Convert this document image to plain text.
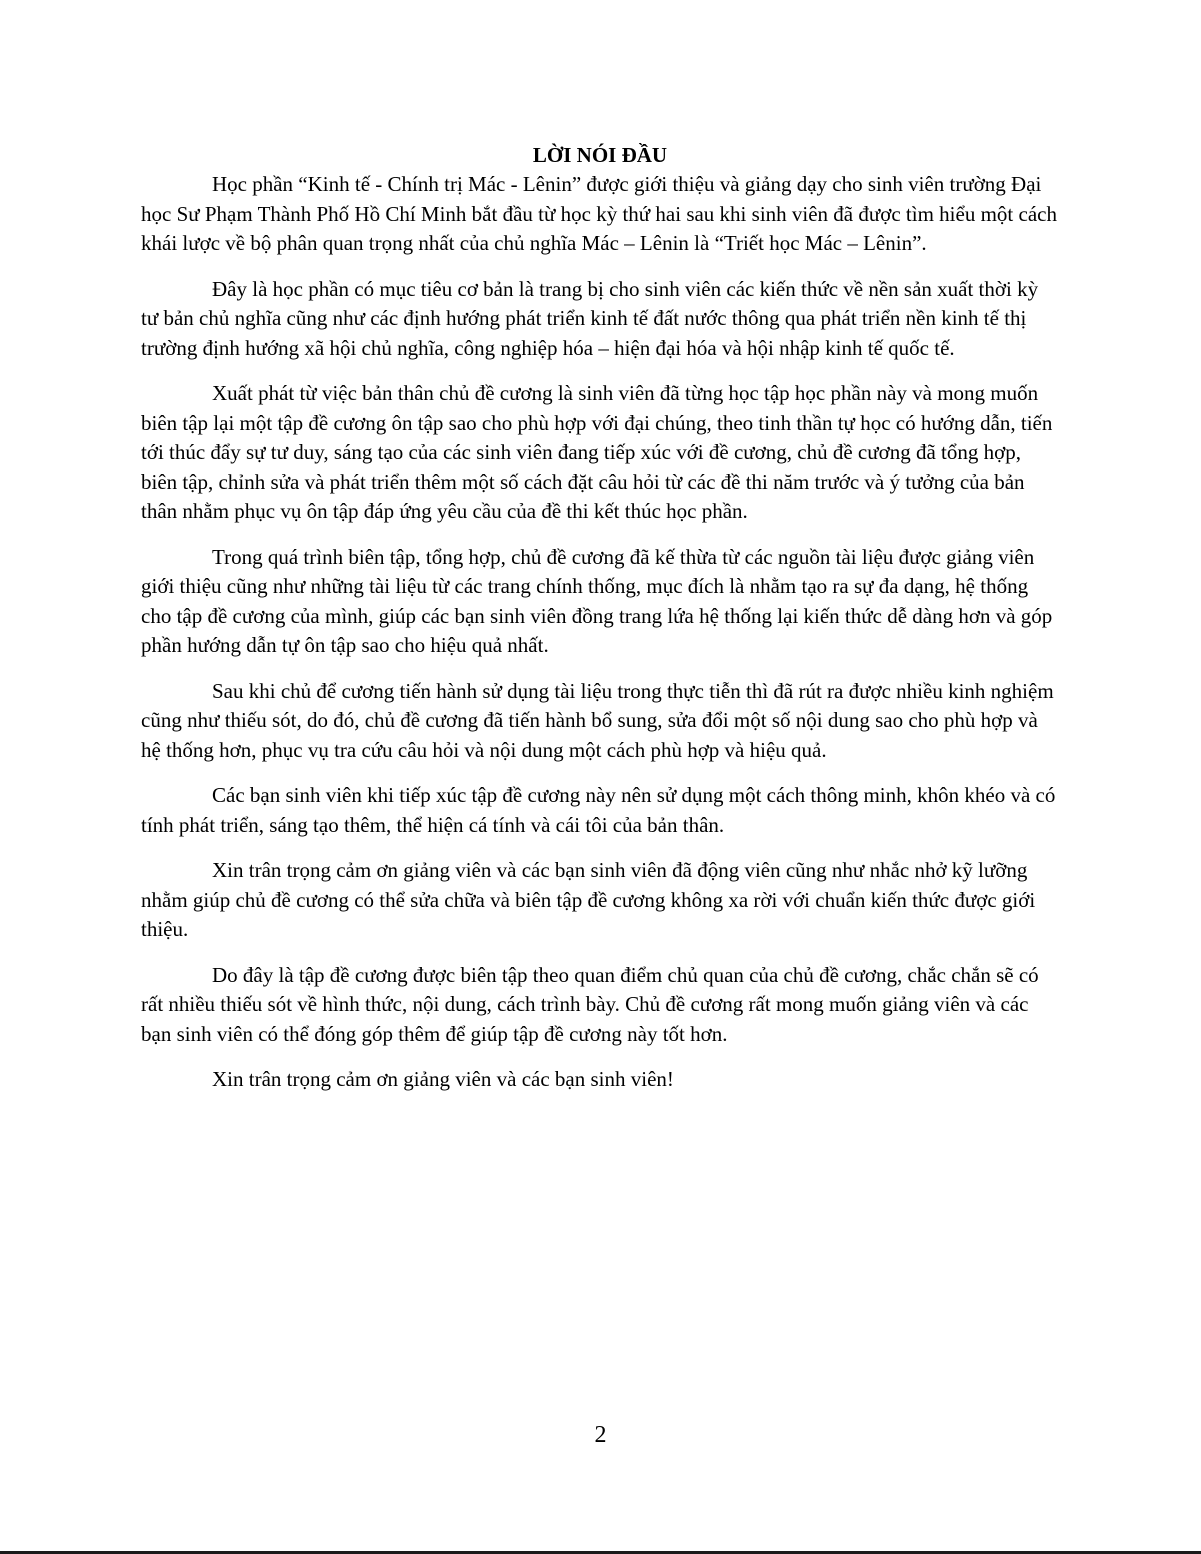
LỜI NÓI ĐẦU

Học phần “Kinh tế - Chính trị Mác - Lênin” được giới thiệu và giảng dạy cho sinh viên trường Đại học Sư Phạm Thành Phố Hồ Chí Minh bắt đầu từ học kỳ thứ hai sau khi sinh viên đã được tìm hiểu một cách khái lược về bộ phân quan trọng nhất của chủ nghĩa Mác – Lênin là “Triết học Mác – Lênin”.

Đây là học phần có mục tiêu cơ bản là trang bị cho sinh viên các kiến thức về nền sản xuất thời kỳ tư bản chủ nghĩa cũng như các định hướng phát triển kinh tế đất nước thông qua phát triển nền kinh tế thị trường định hướng xã hội chủ nghĩa, công nghiệp hóa – hiện đại hóa và hội nhập kinh tế quốc tế.

Xuất phát từ việc bản thân chủ đề cương là sinh viên đã từng học tập học phần này và mong muốn biên tập lại một tập đề cương ôn tập sao cho phù hợp với đại chúng, theo tinh thần tự học có hướng dẫn, tiến tới thúc đẩy sự tư duy, sáng tạo của các sinh viên đang tiếp xúc với đề cương, chủ đề cương đã tổng hợp, biên tập, chỉnh sửa và phát triển thêm một số cách đặt câu hỏi từ các đề thi năm trước và ý tưởng của bản thân nhằm phục vụ ôn tập đáp ứng yêu cầu của đề thi kết thúc học phần.

Trong quá trình biên tập, tổng hợp, chủ đề cương đã kế thừa từ các nguồn tài liệu được giảng viên giới thiệu cũng như những tài liệu từ các trang chính thống, mục đích là nhằm tạo ra sự đa dạng, hệ thống cho tập đề cương của mình, giúp các bạn sinh viên đồng trang lứa hệ thống lại kiến thức dễ dàng hơn và góp phần hướng dẫn tự ôn tập sao cho hiệu quả nhất.

Sau khi chủ để cương tiến hành sử dụng tài liệu trong thực tiễn thì đã rút ra được nhiều kinh nghiệm cũng như thiếu sót, do đó, chủ đề cương đã tiến hành bổ sung, sửa đổi một số nội dung sao cho phù hợp và hệ thống hơn, phục vụ tra cứu câu hỏi và nội dung một cách phù hợp và hiệu quả.

Các bạn sinh viên khi tiếp xúc tập đề cương này nên sử dụng một cách thông minh, khôn khéo và có tính phát triển, sáng tạo thêm, thể hiện cá tính và cái tôi của bản thân.

Xin trân trọng cảm ơn giảng viên và các bạn sinh viên đã động viên cũng như nhắc nhở kỹ lưỡng nhằm giúp chủ đề cương có thể sửa chữa và biên tập đề cương không xa rời với chuẩn kiến thức được giới thiệu.

Do đây là tập đề cương được biên tập theo quan điểm chủ quan của chủ đề cương, chắc chắn sẽ có rất nhiều thiếu sót về hình thức, nội dung, cách trình bày. Chủ đề cương rất mong muốn giảng viên và các bạn sinh viên có thể đóng góp thêm để giúp tập đề cương này tốt hơn.

Xin trân trọng cảm ơn giảng viên và các bạn sinh viên!

2
